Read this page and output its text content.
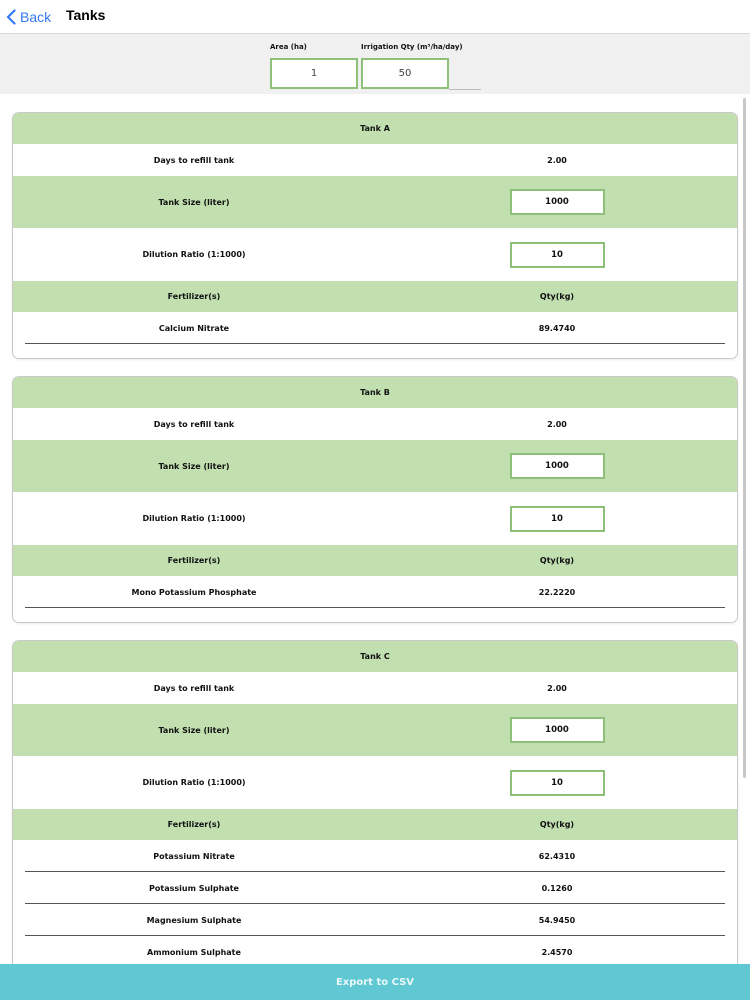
Back Tanks
Area (ha)
1
Irrigation Qty (m³/ha/day)
50
Tank A
Days to refill tank	2.00
Tank Size (liter)	1000
Dilution Ratio (1:1000)	10
Fertilizer(s)	Qty(kg)
Calcium Nitrate	89.4740
Tank B
Days to refill tank	2.00
Tank Size (liter)	1000
Dilution Ratio (1:1000)	10
Fertilizer(s)	Qty(kg)
Mono Potassium Phosphate	22.2220
Tank C
Days to refill tank	2.00
Tank Size (liter)	1000
Dilution Ratio (1:1000)	10
Fertilizer(s)	Qty(kg)
Potassium Nitrate	62.4310
Potassium Sulphate	0.1260
Magnesium Sulphate	54.9450
Ammonium Sulphate	2.4570
Export to CSV
